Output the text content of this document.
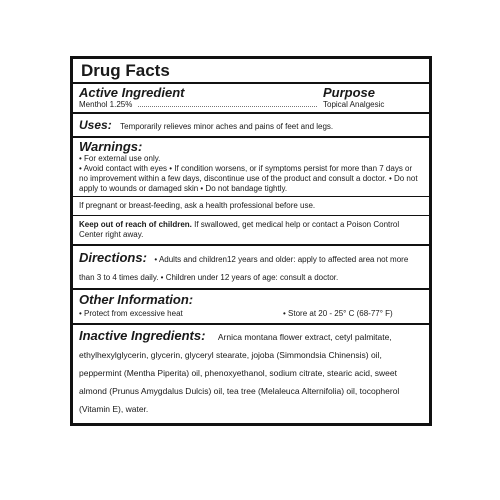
Drug Facts
Active Ingredient	Purpose
Menthol 1.25%	Topical Analgesic
Uses: Temporarily relieves minor aches and pains of feet and legs.
Warnings:
• For external use only.
• Avoid contact with eyes • If condition worsens, or if symptoms persist for more than 7 days or no improvement within a few days, discontinue use of the product and consult a doctor. • Do not apply to wounds or damaged skin • Do not bandage tightly.
If pregnant or breast-feeding, ask a health professional before use.
Keep out of reach of children. If swallowed, get medical help or contact a Poison Control Center right away.
Directions: • Adults and children12 years and older: apply to affected area not more than 3 to 4 times daily. • Children under 12 years of age: consult a doctor.
Other Information:
• Protect from excessive heat	• Store at 20 - 25° C (68-77° F)
Inactive Ingredients: Arnica montana flower extract, cetyl palmitate, ethylhexylglycerin, glycerin, glyceryl stearate, jojoba (Simmondsia Chinensis) oil, peppermint (Mentha Piperita) oil, phenoxyethanol, sodium citrate, stearic acid, sweet almond (Prunus Amygdalus Dulcis) oil, tea tree (Melaleuca Alternifolia) oil, tocopherol (Vitamin E), water.
